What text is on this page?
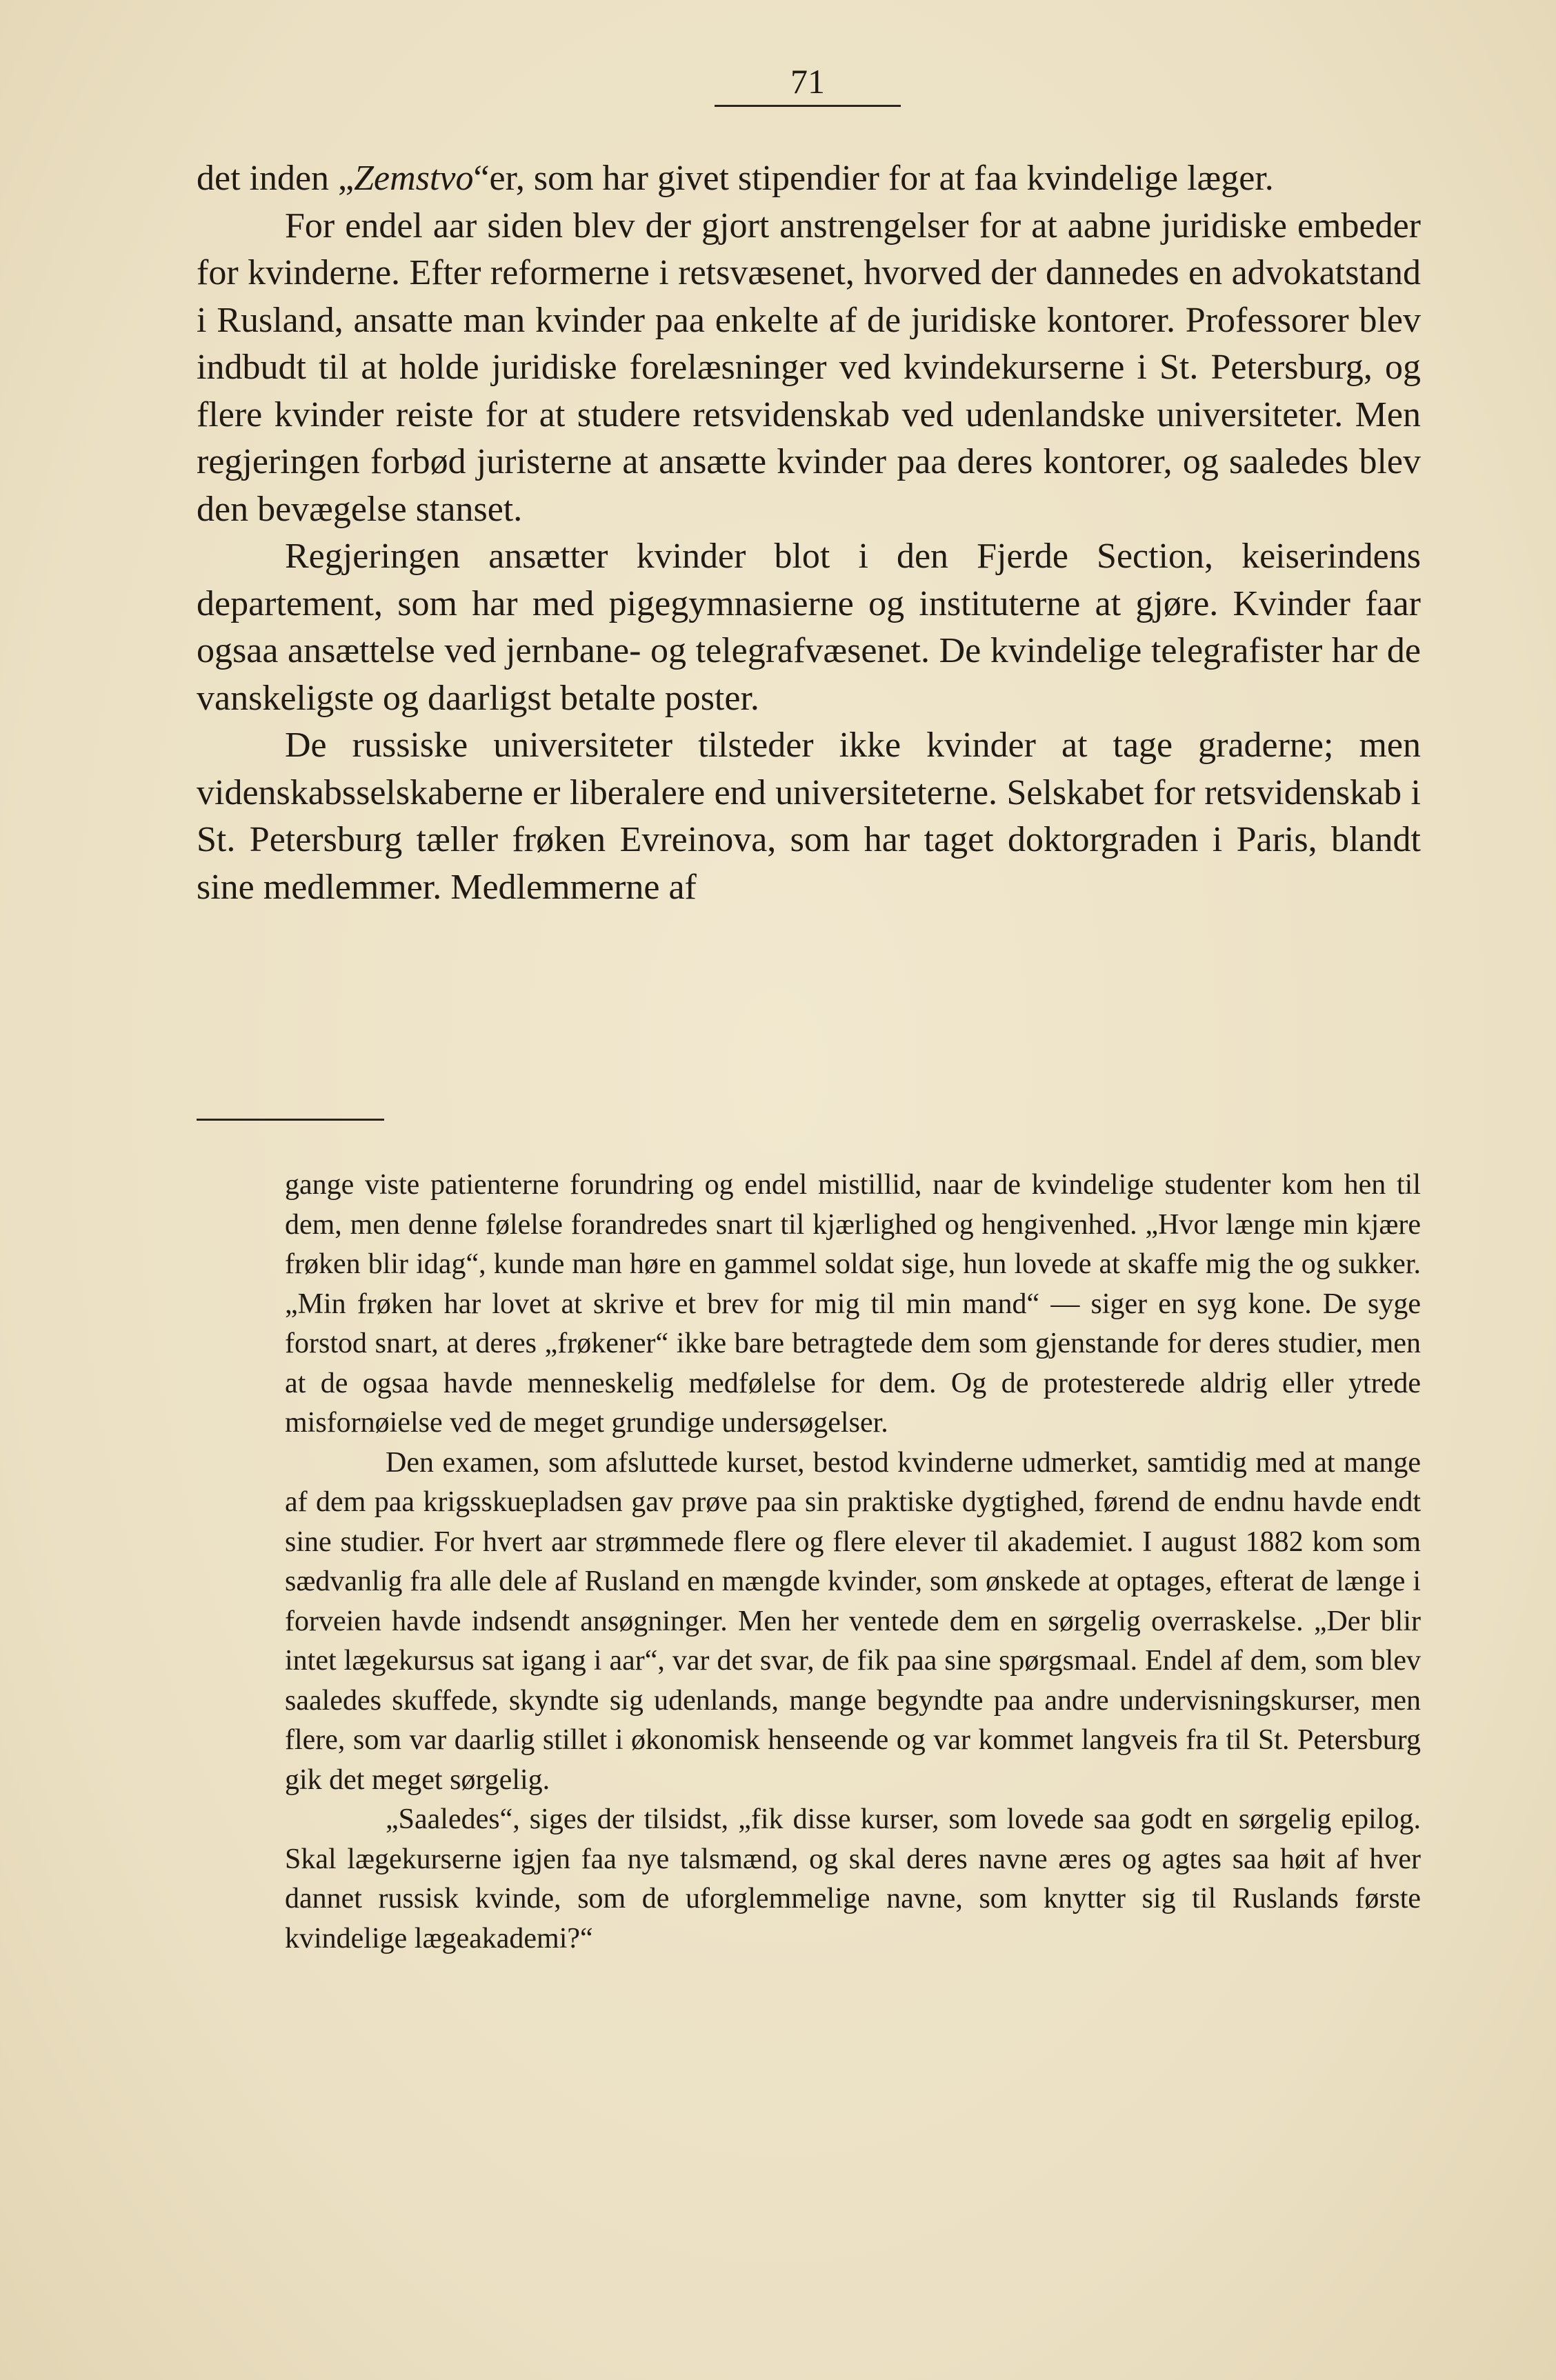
71

det inden „Zemstvo“er, som har givet stipendier for at faa kvindelige læger.

For endel aar siden blev der gjort anstrengelser for at aabne juridiske embeder for kvinderne. Efter reformerne i retsvæsenet, hvorved der dannedes en advokatstand i Rusland, ansatte man kvinder paa enkelte af de juridiske kontorer. Professorer blev indbudt til at holde juridiske forelæsninger ved kvindekurserne i St. Petersburg, og flere kvinder reiste for at studere retsvidenskab ved udenlandske universiteter. Men regjeringen forbød juristerne at ansætte kvinder paa deres kontorer, og saaledes blev den bevægelse stanset.

Regjeringen ansætter kvinder blot i den Fjerde Section, keiserindens departement, som har med pigegymnasierne og instituterne at gjøre. Kvinder faar ogsaa ansættelse ved jernbane- og telegrafvæsenet. De kvindelige telegrafister har de vanskeligste og daarligst betalte poster.

De russiske universiteter tilsteder ikke kvinder at tage graderne; men videnskabsselskaberne er liberalere end universiteterne. Selskabet for retsvidenskab i St. Petersburg tæller frøken Evreinova, som har taget doktorgraden i Paris, blandt sine medlemmer. Medlemmerne af

gange viste patienterne forundring og endel mistillid, naar de kvindelige studenter kom hen til dem, men denne følelse forandredes snart til kjærlighed og hengivenhed. „Hvor længe min kjære frøken blir idag“, kunde man høre en gammel soldat sige, hun lovede at skaffe mig the og sukker. „Min frøken har lovet at skrive et brev for mig til min mand“ — siger en syg kone. De syge forstod snart, at deres „frøkener“ ikke bare betragtede dem som gjenstande for deres studier, men at de ogsaa havde menneskelig medfølelse for dem. Og de protesterede aldrig eller ytrede misfornøielse ved de meget grundige undersøgelser.

Den examen, som afsluttede kurset, bestod kvinderne udmerket, samtidig med at mange af dem paa krigsskuepladsen gav prøve paa sin praktiske dygtighed, førend de endnu havde endt sine studier. For hvert aar strømmede flere og flere elever til akademiet. I august 1882 kom som sædvanlig fra alle dele af Rusland en mængde kvinder, som ønskede at optages, efterat de længe i forveien havde indsendt ansøgninger. Men her ventede dem en sørgelig overraskelse. „Der blir intet lægekursus sat igang i aar“, var det svar, de fik paa sine spørgsmaal. Endel af dem, som blev saaledes skuffede, skyndte sig udenlands, mange begyndte paa andre undervisningskurser, men flere, som var daarlig stillet i økonomisk henseende og var kommet langveis fra til St. Petersburg gik det meget sørgelig.

„Saaledes“, siges der tilsidst, „fik disse kurser, som lovede saa godt en sørgelig epilog. Skal lægekurserne igjen faa nye talsmænd, og skal deres navne æres og agtes saa høit af hver dannet russisk kvinde, som de uforglemmelige navne, som knytter sig til Ruslands første kvindelige lægeakademi?“
